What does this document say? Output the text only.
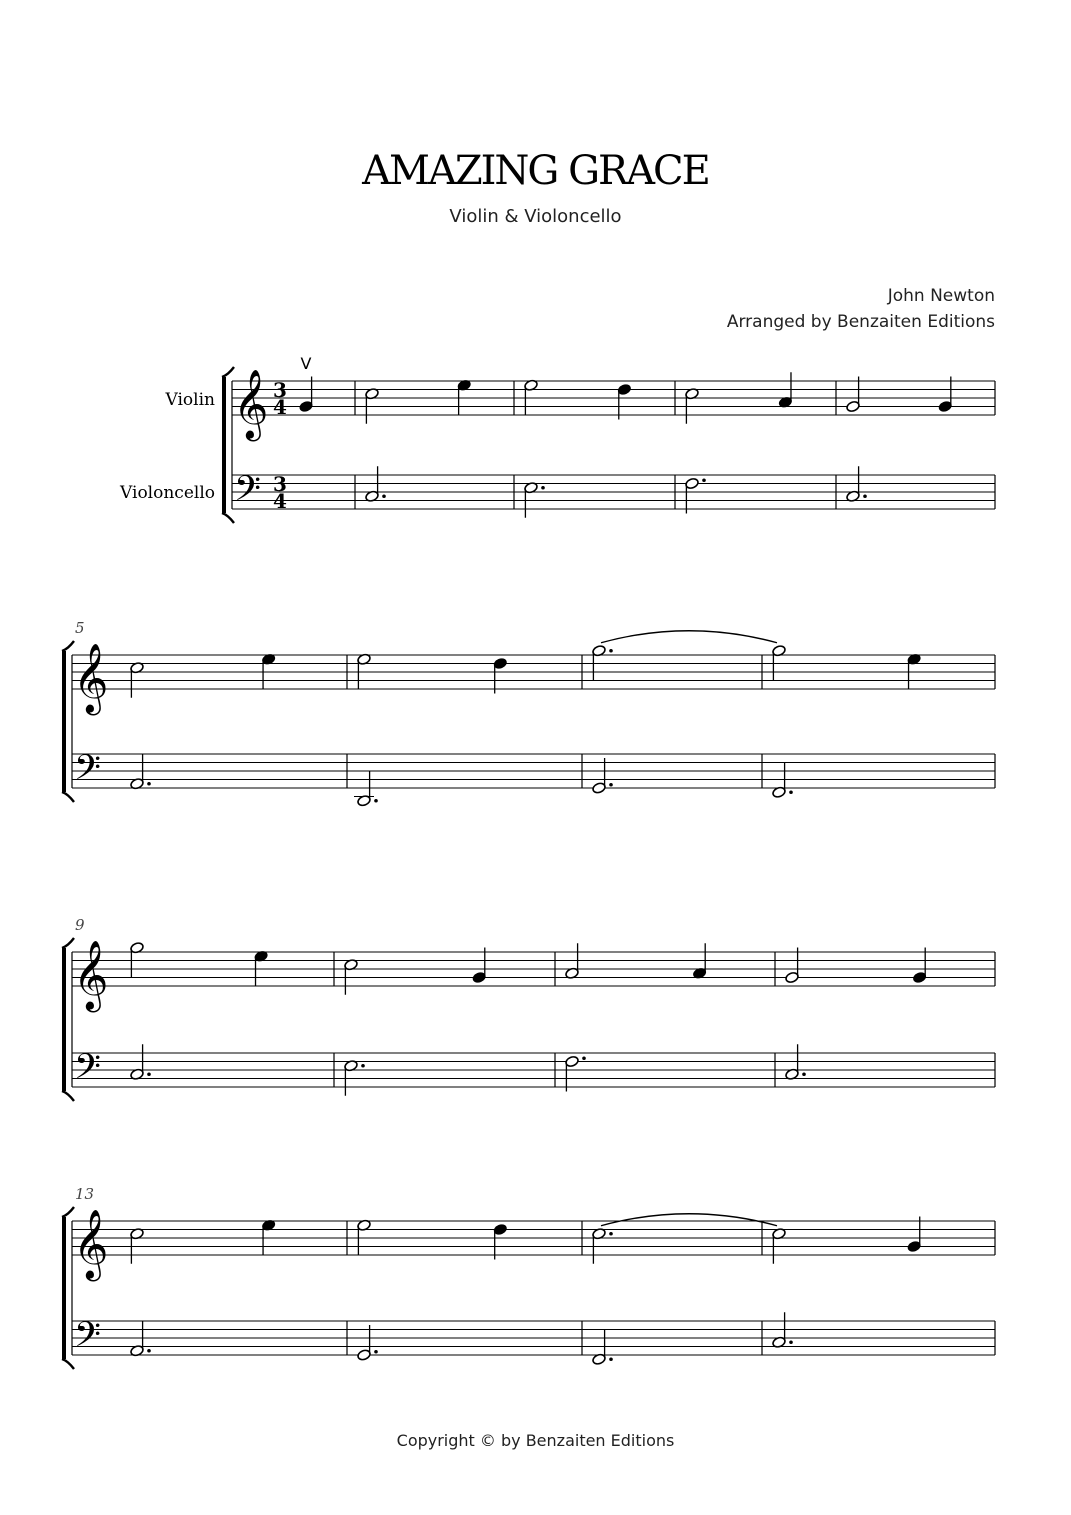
AMAZING GRACE
Violin & Violoncello
John Newton
Arranged by Benzaiten Editions
Violin
Violoncello
𝄞
𝄢
3
4
3
4
V
𝄞
𝄢
5
𝄞
𝄢
9
𝄞
𝄢
13
Copyright © by Benzaiten Editions
